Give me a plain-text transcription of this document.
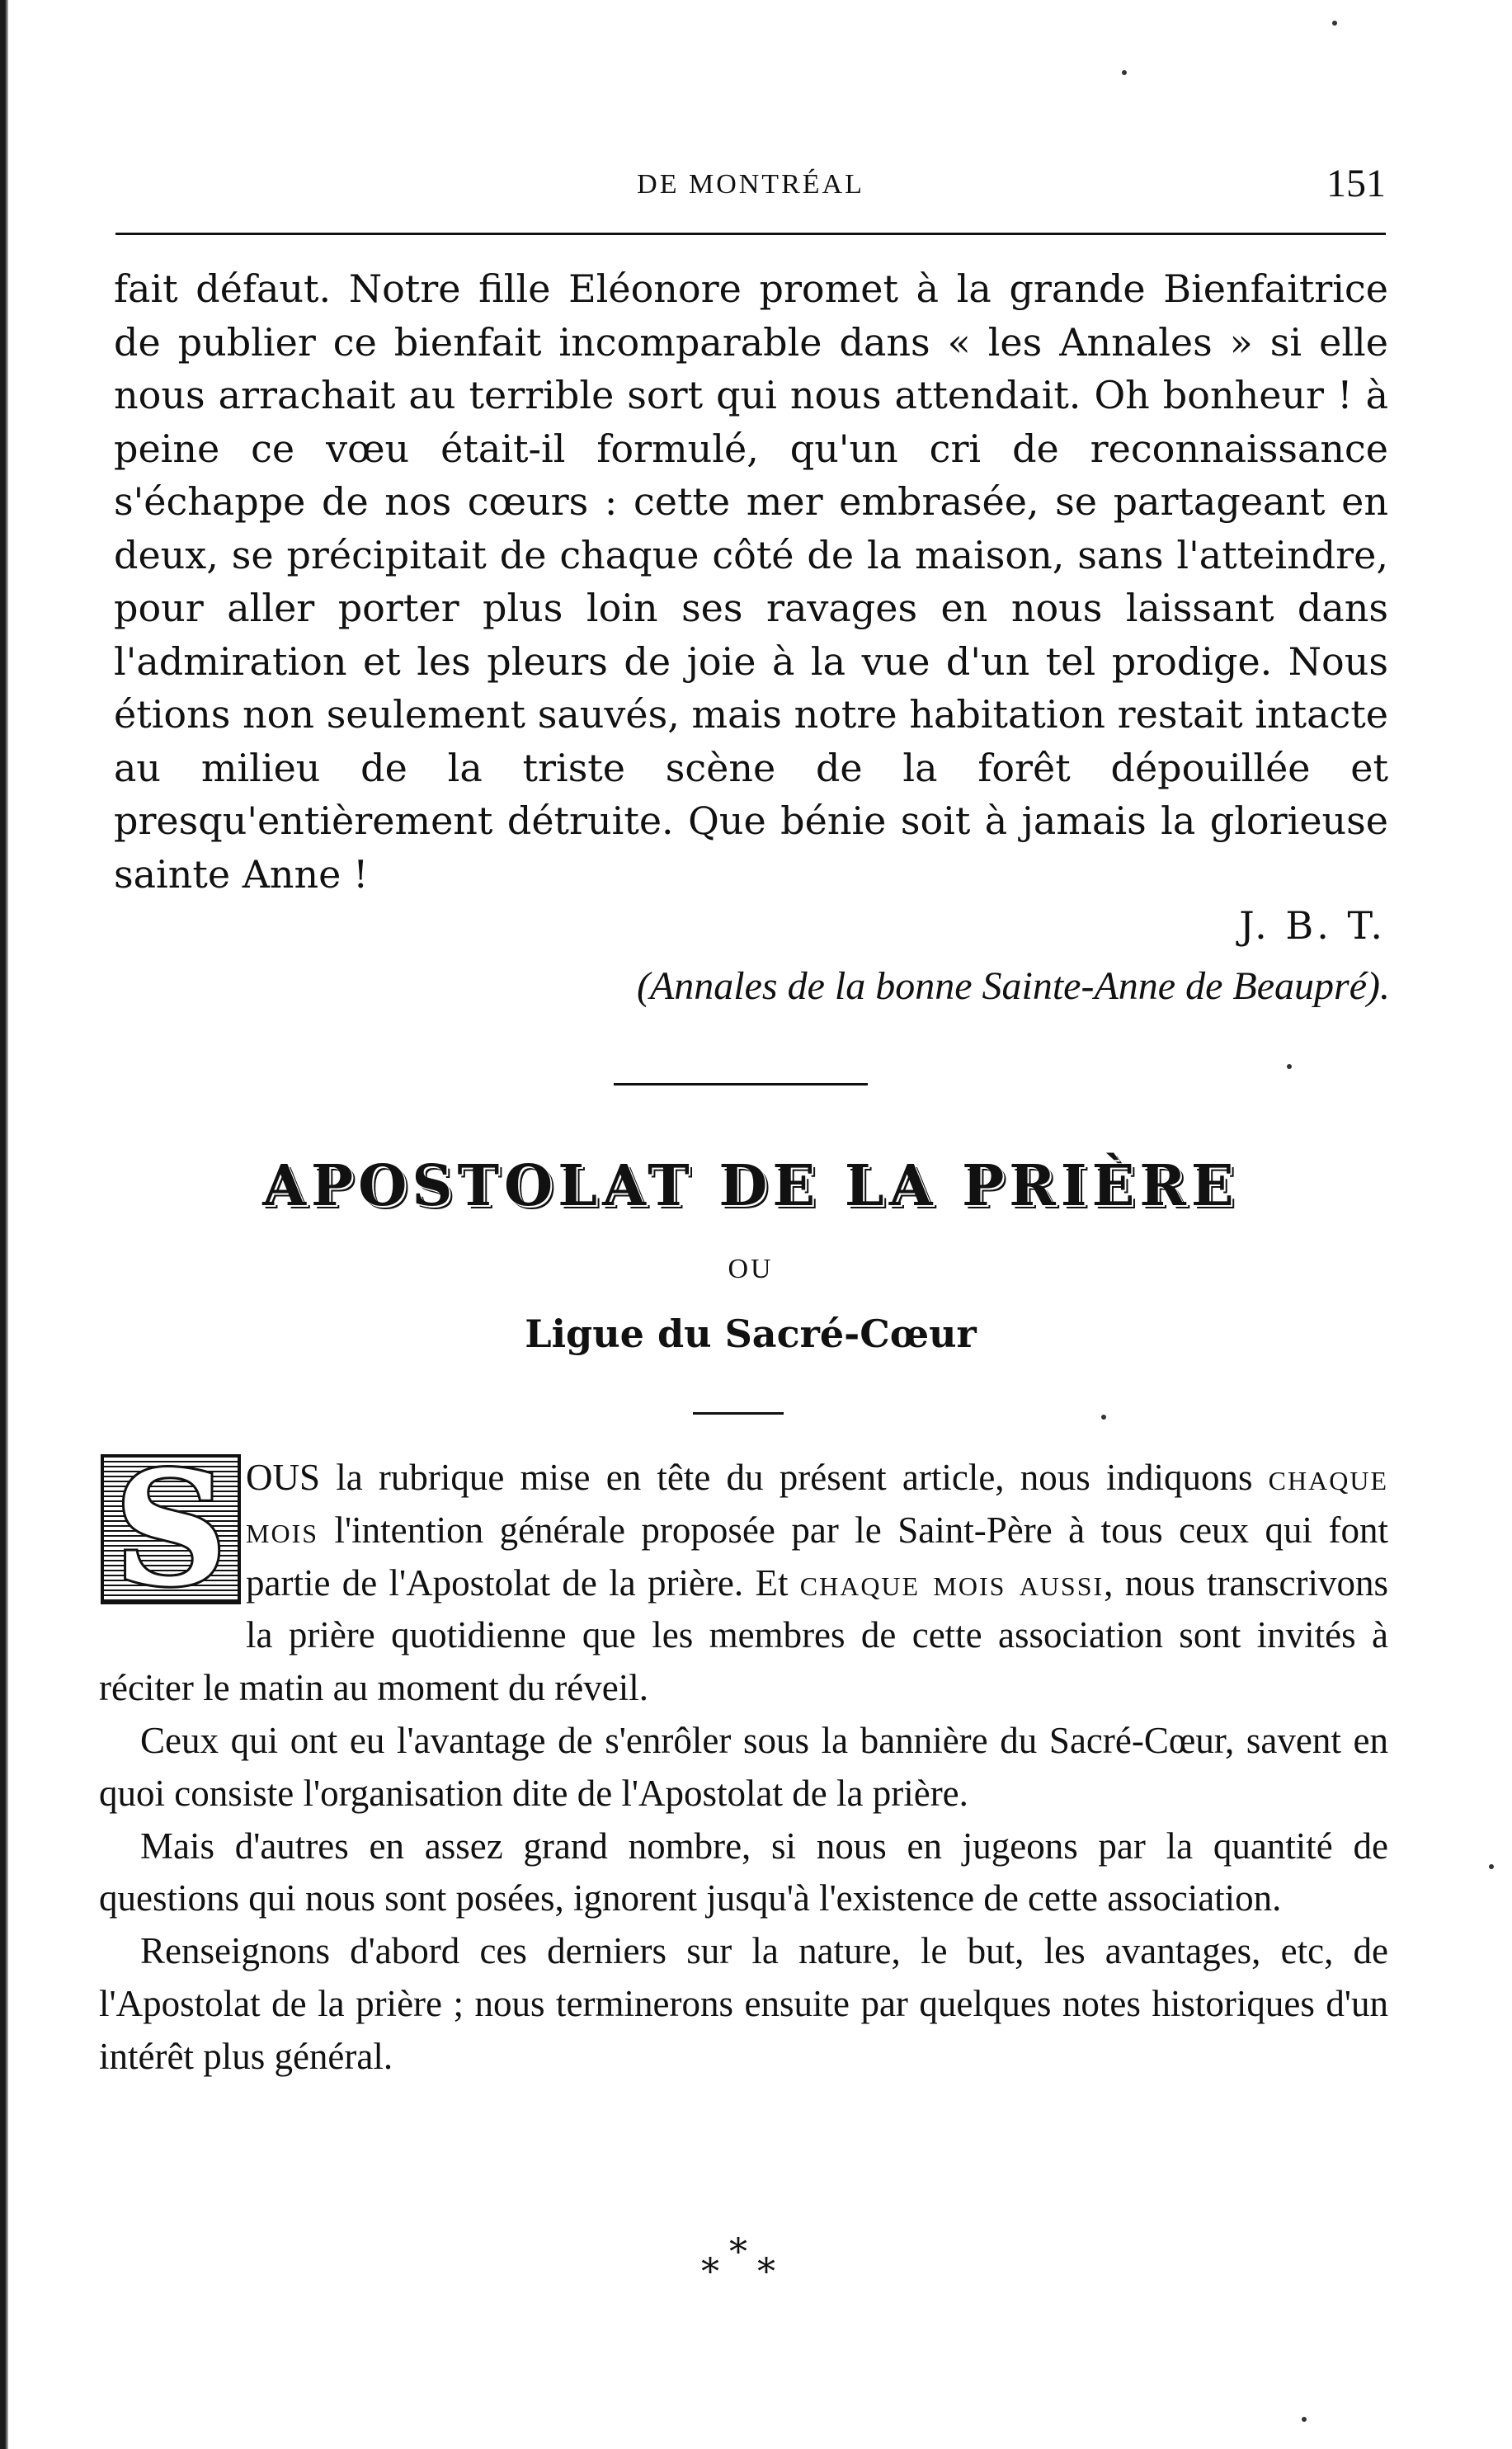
DE MONTRÉAL	151

fait défaut. Notre fille Eléonore promet à la grande Bienfaitrice de publier ce bienfait incomparable dans « les Annales » si elle nous arrachait au terrible sort qui nous attendait. Oh bonheur ! à peine ce vœu était-il formulé, qu'un cri de reconnaissance s'échappe de nos cœurs : cette mer embrasée, se partageant en deux, se précipitait de chaque côté de la maison, sans l'atteindre, pour aller porter plus loin ses ravages en nous laissant dans l'admiration et les pleurs de joie à la vue d'un tel prodige. Nous étions non seulement sauvés, mais notre habitation restait intacte au milieu de la triste scène de la forêt dépouillée et presqu'entièrement détruite. Que bénie soit à jamais la glorieuse sainte Anne !

J. B. T.
(Annales de la bonne Sainte-Anne de Beaupré).
APOSTOLAT DE LA PRIÈRE
OU
Ligue du Sacré-Cœur
S OUS la rubrique mise en tête du présent article, nous indiquons chaque mois l'intention générale proposée par le Saint-Père à tous ceux qui font partie de l'Apostolat de la prière. Et chaque mois aussi, nous transcrivons la prière quotidienne que les membres de cette association sont invités à réciter le matin au moment du réveil.

Ceux qui ont eu l'avantage de s'enrôler sous la bannière du Sacré-Cœur, savent en quoi consiste l'organisation dite de l'Apostolat de la prière.

Mais d'autres en assez grand nombre, si nous en jugeons par la quantité de questions qui nous sont posées, ignorent jusqu'à l'existence de cette association.

Renseignons d'abord ces derniers sur la nature, le but, les avantages, etc, de l'Apostolat de la prière ; nous terminerons ensuite par quelques notes historiques d'un intérêt plus général.

*
* *
